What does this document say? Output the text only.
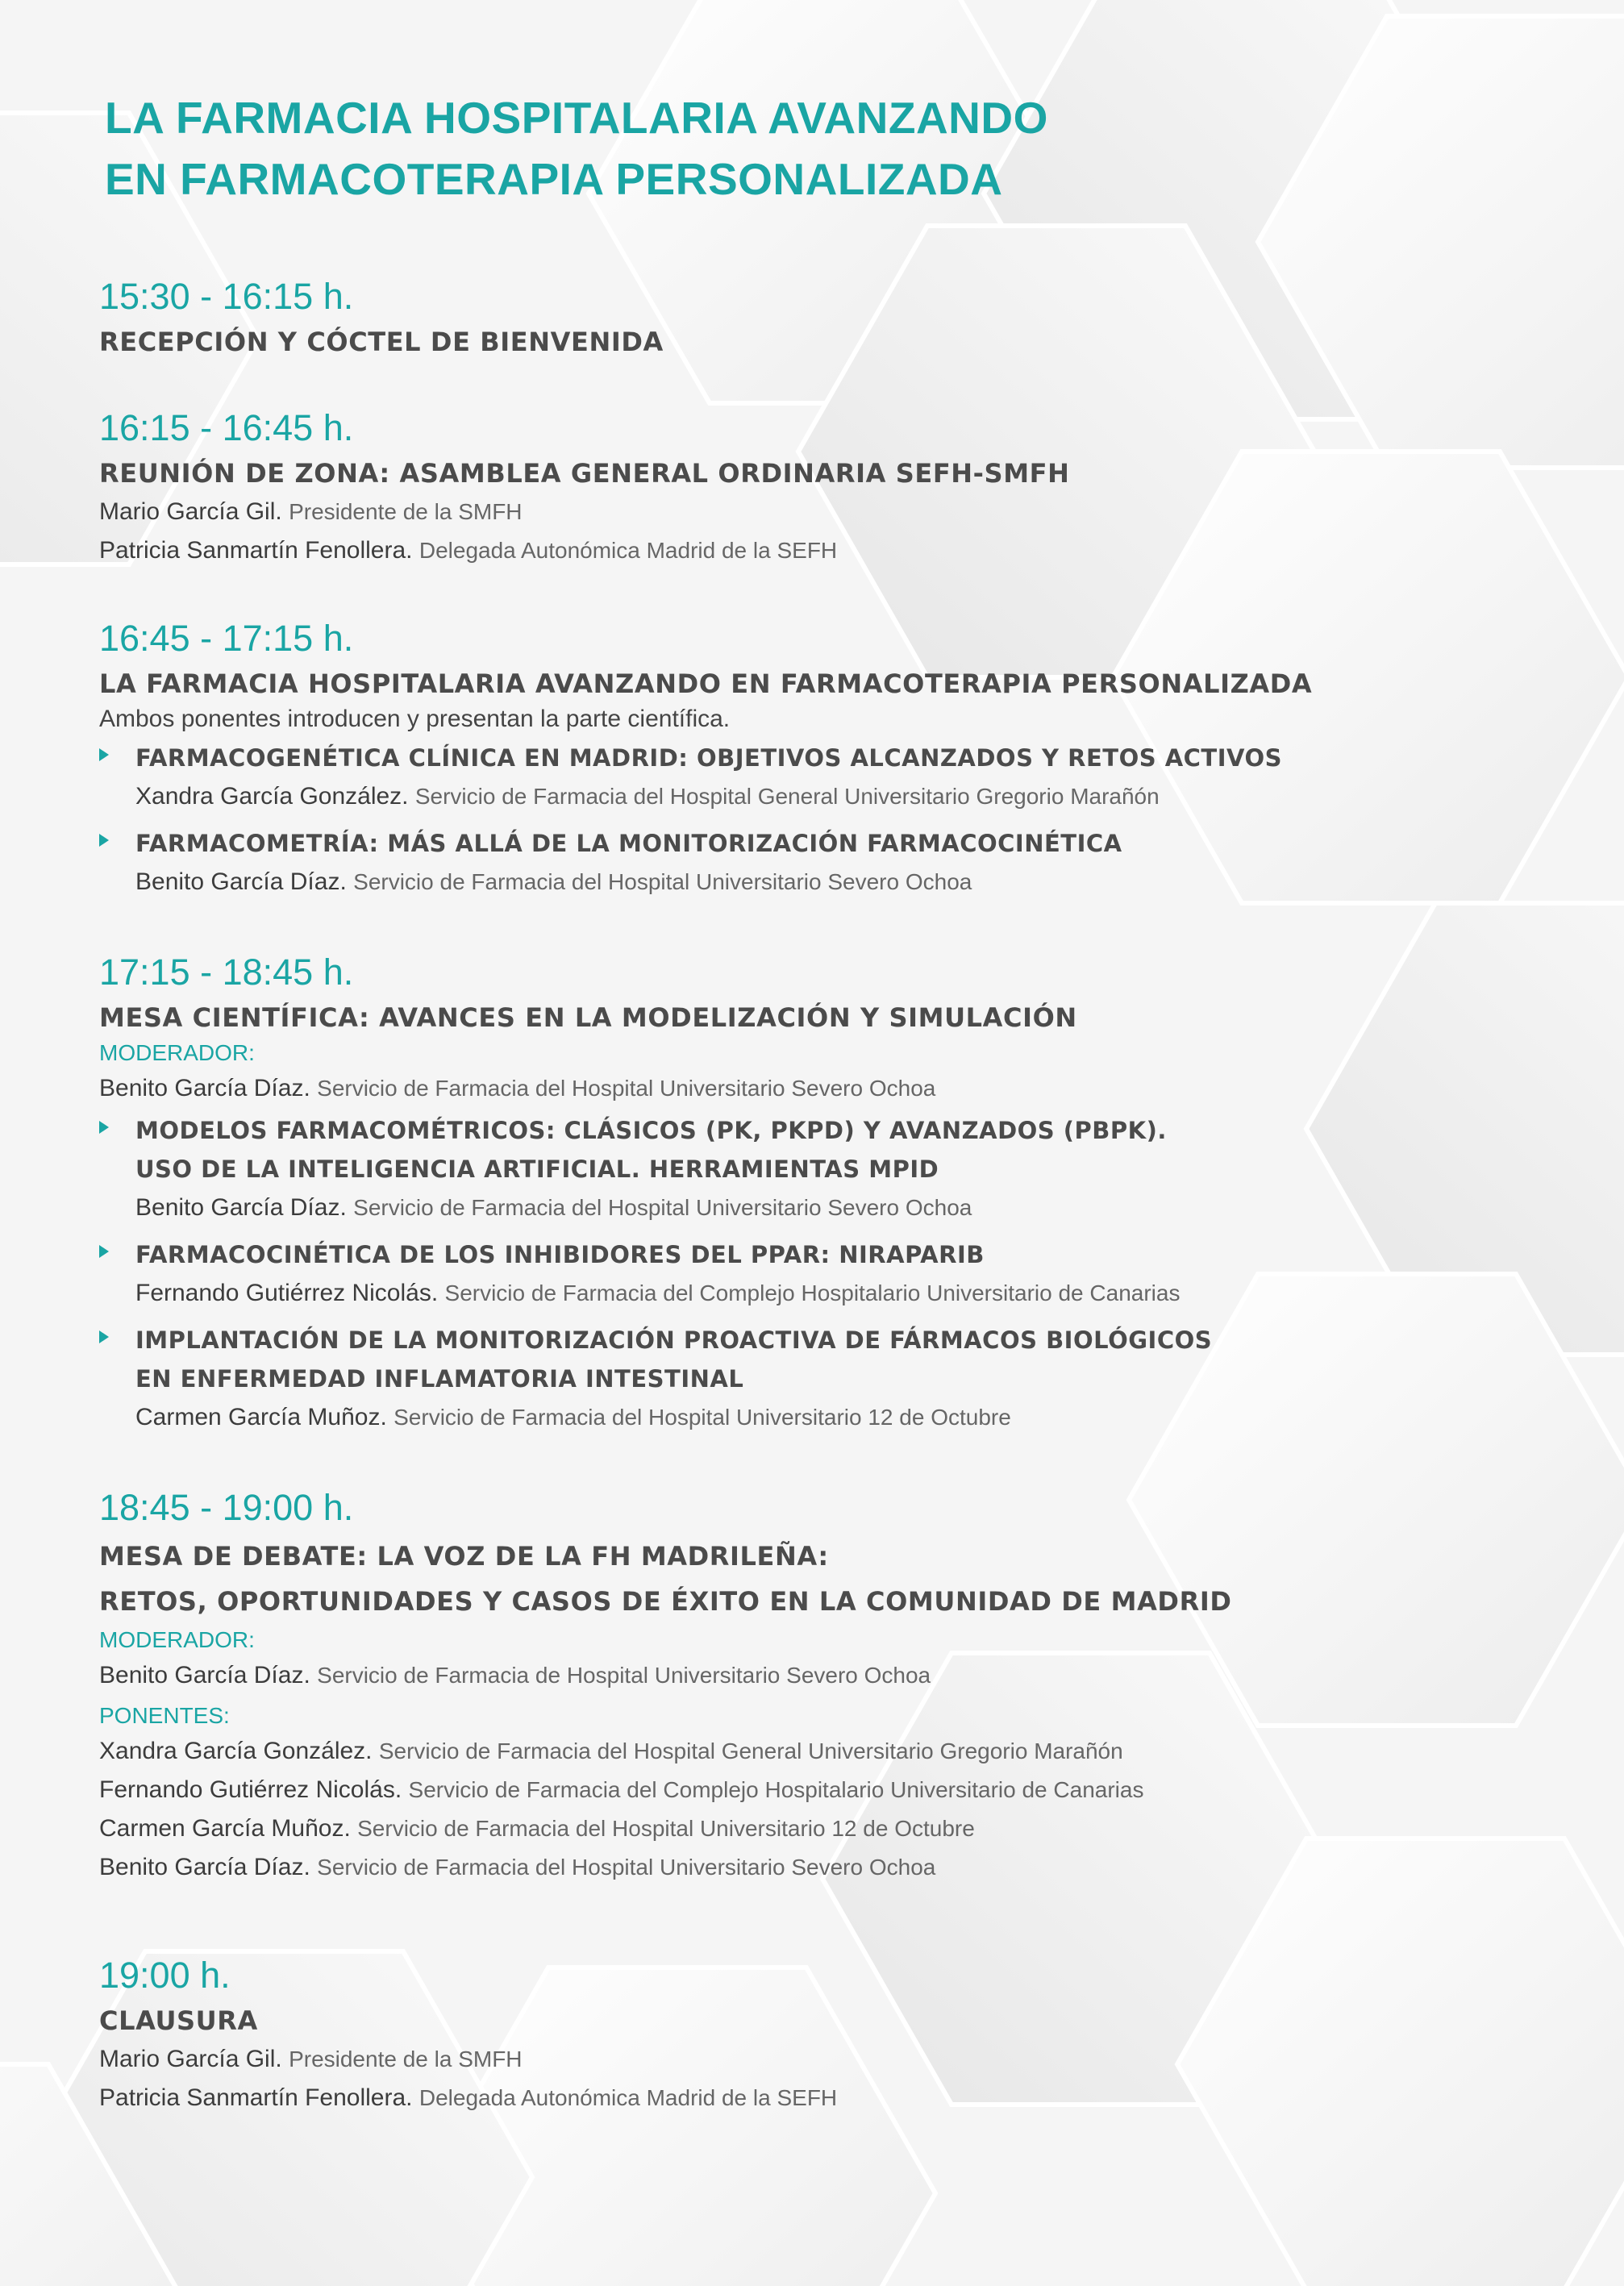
LA FARMACIA HOSPITALARIA AVANZANDO
EN FARMACOTERAPIA PERSONALIZADA
15:30 - 16:15 h.
RECEPCIÓN Y CÓCTEL DE BIENVENIDA
16:15 - 16:45 h.
REUNIÓN DE ZONA: ASAMBLEA GENERAL ORDINARIA SEFH-SMFH
Mario García Gil. Presidente de la SMFH
Patricia Sanmartín Fenollera. Delegada Autonómica Madrid de la SEFH
16:45 - 17:15 h.
LA FARMACIA HOSPITALARIA AVANZANDO EN FARMACOTERAPIA PERSONALIZADA
Ambos ponentes introducen y presentan la parte científica.
FARMACOGENÉTICA CLÍNICA EN MADRID: OBJETIVOS ALCANZADOS Y RETOS ACTIVOS
Xandra García González. Servicio de Farmacia del Hospital General Universitario Gregorio Marañón
FARMACOMETRÍA: MÁS ALLÁ DE LA MONITORIZACIÓN FARMACOCINÉTICA
Benito García Díaz. Servicio de Farmacia del Hospital Universitario Severo Ochoa
17:15 - 18:45 h.
MESA CIENTÍFICA: AVANCES EN LA MODELIZACIÓN Y SIMULACIÓN
MODERADOR:
Benito García Díaz. Servicio de Farmacia del Hospital Universitario Severo Ochoa
MODELOS FARMACOMÉTRICOS: CLÁSICOS (PK, PKPD) Y AVANZADOS (PBPK).
USO DE LA INTELIGENCIA ARTIFICIAL. HERRAMIENTAS MPID
Benito García Díaz. Servicio de Farmacia del Hospital Universitario Severo Ochoa
FARMACOCINÉTICA DE LOS INHIBIDORES DEL PPAR: NIRAPARIB
Fernando Gutiérrez Nicolás. Servicio de Farmacia del Complejo Hospitalario Universitario de Canarias
IMPLANTACIÓN DE LA MONITORIZACIÓN PROACTIVA DE FÁRMACOS BIOLÓGICOS
EN ENFERMEDAD INFLAMATORIA INTESTINAL
Carmen García Muñoz. Servicio de Farmacia del Hospital Universitario 12 de Octubre
18:45 - 19:00 h.
MESA DE DEBATE: LA VOZ DE LA FH MADRILEÑA:
RETOS, OPORTUNIDADES Y CASOS DE ÉXITO EN LA COMUNIDAD DE MADRID
MODERADOR:
Benito García Díaz. Servicio de Farmacia de Hospital Universitario Severo Ochoa
PONENTES:
Xandra García González. Servicio de Farmacia del Hospital General Universitario Gregorio Marañón
Fernando Gutiérrez Nicolás. Servicio de Farmacia del Complejo Hospitalario Universitario de Canarias
Carmen García Muñoz. Servicio de Farmacia del Hospital Universitario 12 de Octubre
Benito García Díaz. Servicio de Farmacia del Hospital Universitario Severo Ochoa
19:00 h.
CLAUSURA
Mario García Gil. Presidente de la SMFH
Patricia Sanmartín Fenollera. Delegada Autonómica Madrid de la SEFH
